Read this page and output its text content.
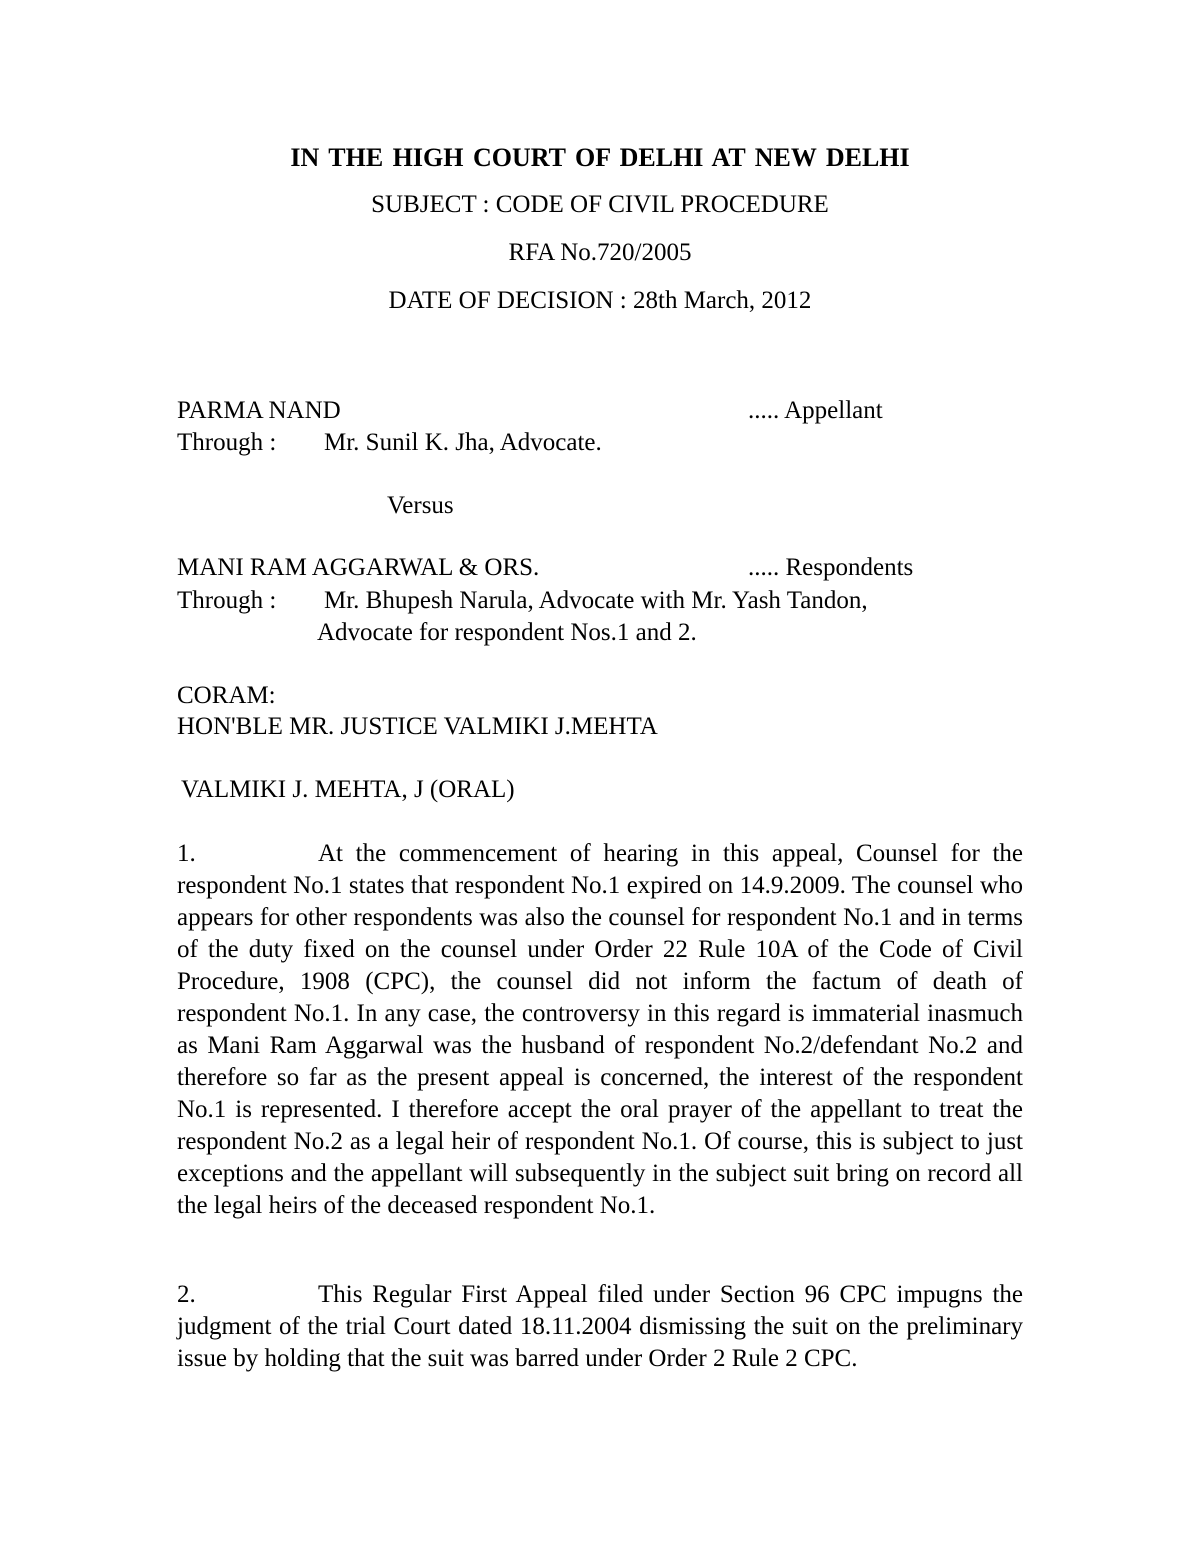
IN THE HIGH COURT OF DELHI AT NEW DELHI
SUBJECT : CODE OF CIVIL PROCEDURE
RFA No.720/2005
DATE OF DECISION : 28th March, 2012
PARMA NAND	..... Appellant
Through : Mr. Sunil K. Jha, Advocate.
Versus
MANI RAM AGGARWAL & ORS.	..... Respondents
Through : Mr. Bhupesh Narula, Advocate with Mr. Yash Tandon,
Advocate for respondent Nos.1 and 2.
CORAM:
HON'BLE MR. JUSTICE VALMIKI J.MEHTA
VALMIKI J. MEHTA, J (ORAL)
1.	At the commencement of hearing in this appeal, Counsel for the respondent No.1 states that respondent No.1 expired on 14.9.2009. The counsel who appears for other respondents was also the counsel for respondent No.1 and in terms of the duty fixed on the counsel under Order 22 Rule 10A of the Code of Civil Procedure, 1908 (CPC), the counsel did not inform the factum of death of respondent No.1. In any case, the controversy in this regard is immaterial inasmuch as Mani Ram Aggarwal was the husband of respondent No.2/defendant No.2 and therefore so far as the present appeal is concerned, the interest of the respondent No.1 is represented. I therefore accept the oral prayer of the appellant to treat the respondent No.2 as a legal heir of respondent No.1. Of course, this is subject to just exceptions and the appellant will subsequently in the subject suit bring on record all the legal heirs of the deceased respondent No.1.
2.	This Regular First Appeal filed under Section 96 CPC impugns the judgment of the trial Court dated 18.11.2004 dismissing the suit on the preliminary issue by holding that the suit was barred under Order 2 Rule 2 CPC.
